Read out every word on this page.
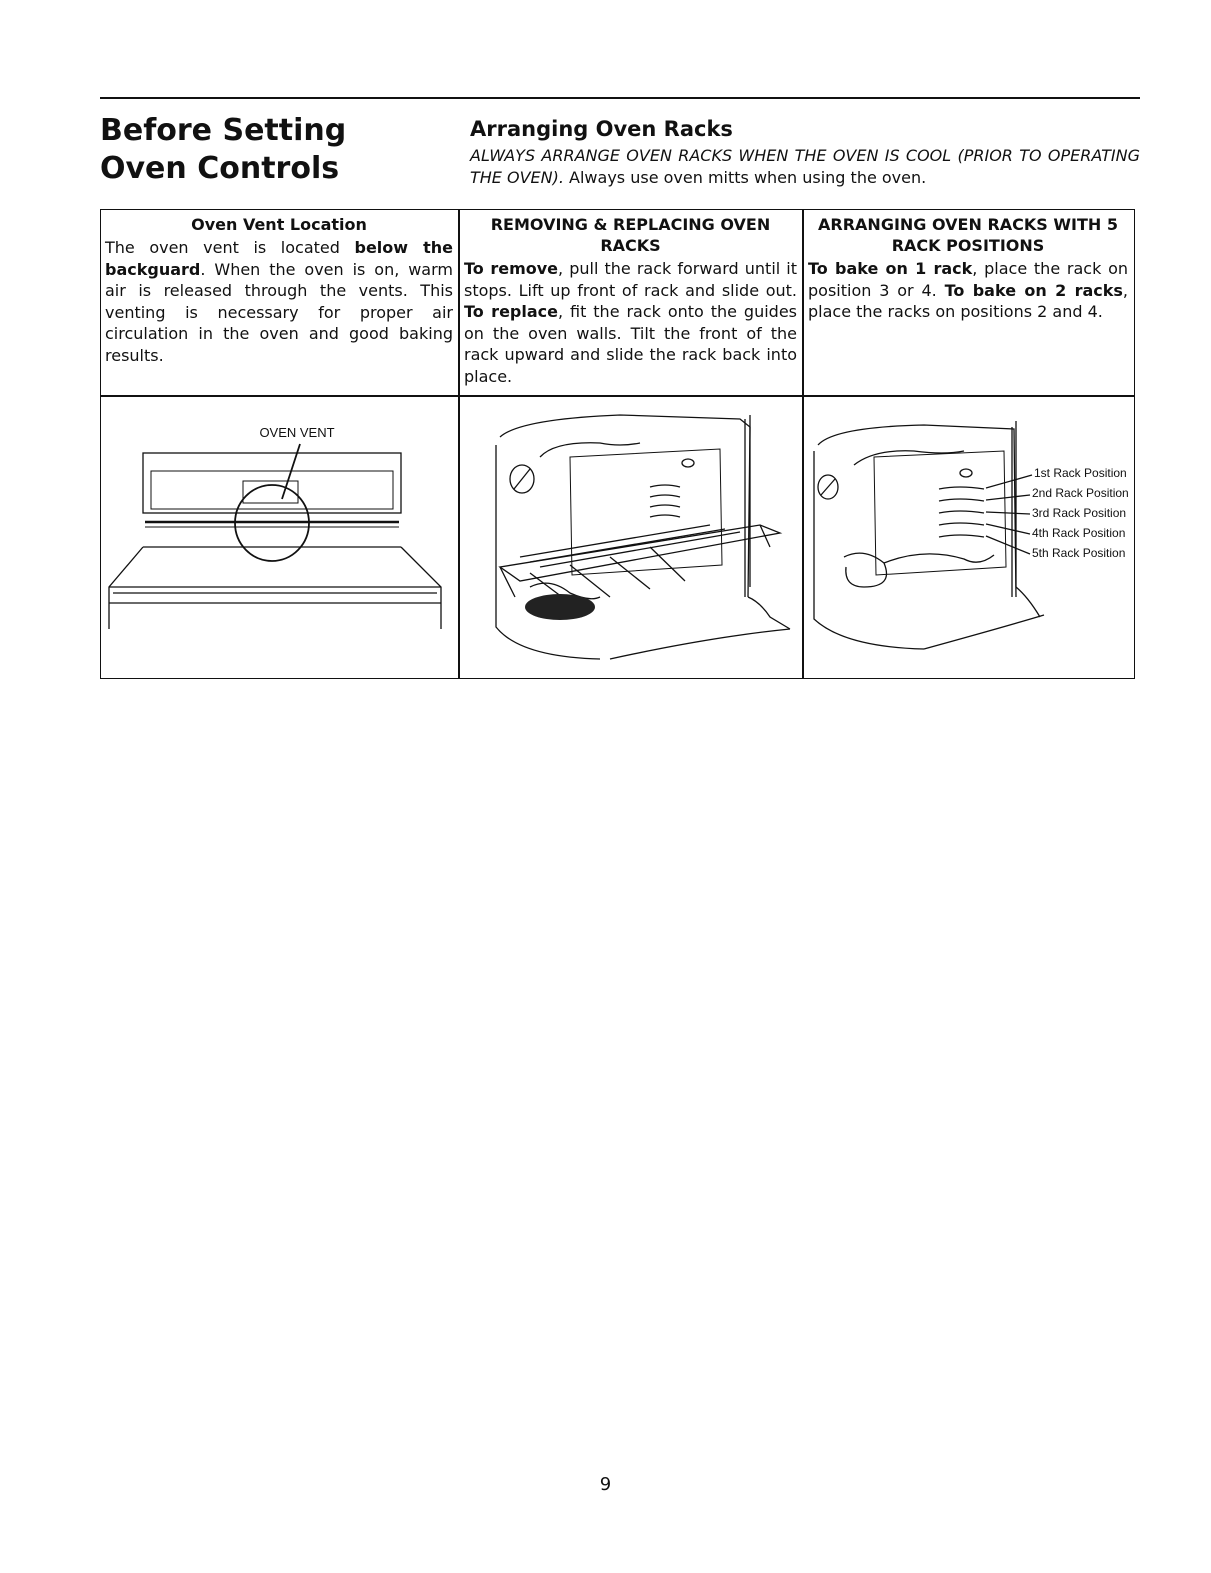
Before Setting Oven Controls
Arranging Oven Racks

ALWAYS ARRANGE OVEN RACKS WHEN THE OVEN IS COOL (PRIOR TO OPERATING THE OVEN). Always use oven mitts when using the oven.

Oven Vent Location

The oven vent is located below the backguard. When the oven is on, warm air is released through the vents. This venting is necessary for proper air circulation in the oven and good baking results.

REMOVING & REPLACING OVEN RACKS

To remove, pull the rack forward until it stops. Lift up front of rack and slide out. To replace, fit the rack onto the guides on the oven walls. Tilt the front of the rack upward and slide the rack back into place.

ARRANGING OVEN RACKS WITH 5 RACK POSITIONS

To bake on 1 rack, place the rack on position 3 or 4. To bake on 2 racks, place the racks on positions 2 and 4.

OVEN VENT
1st Rack Position 2nd Rack Position 3rd Rack Position 4th Rack Position 5th Rack Position
9
